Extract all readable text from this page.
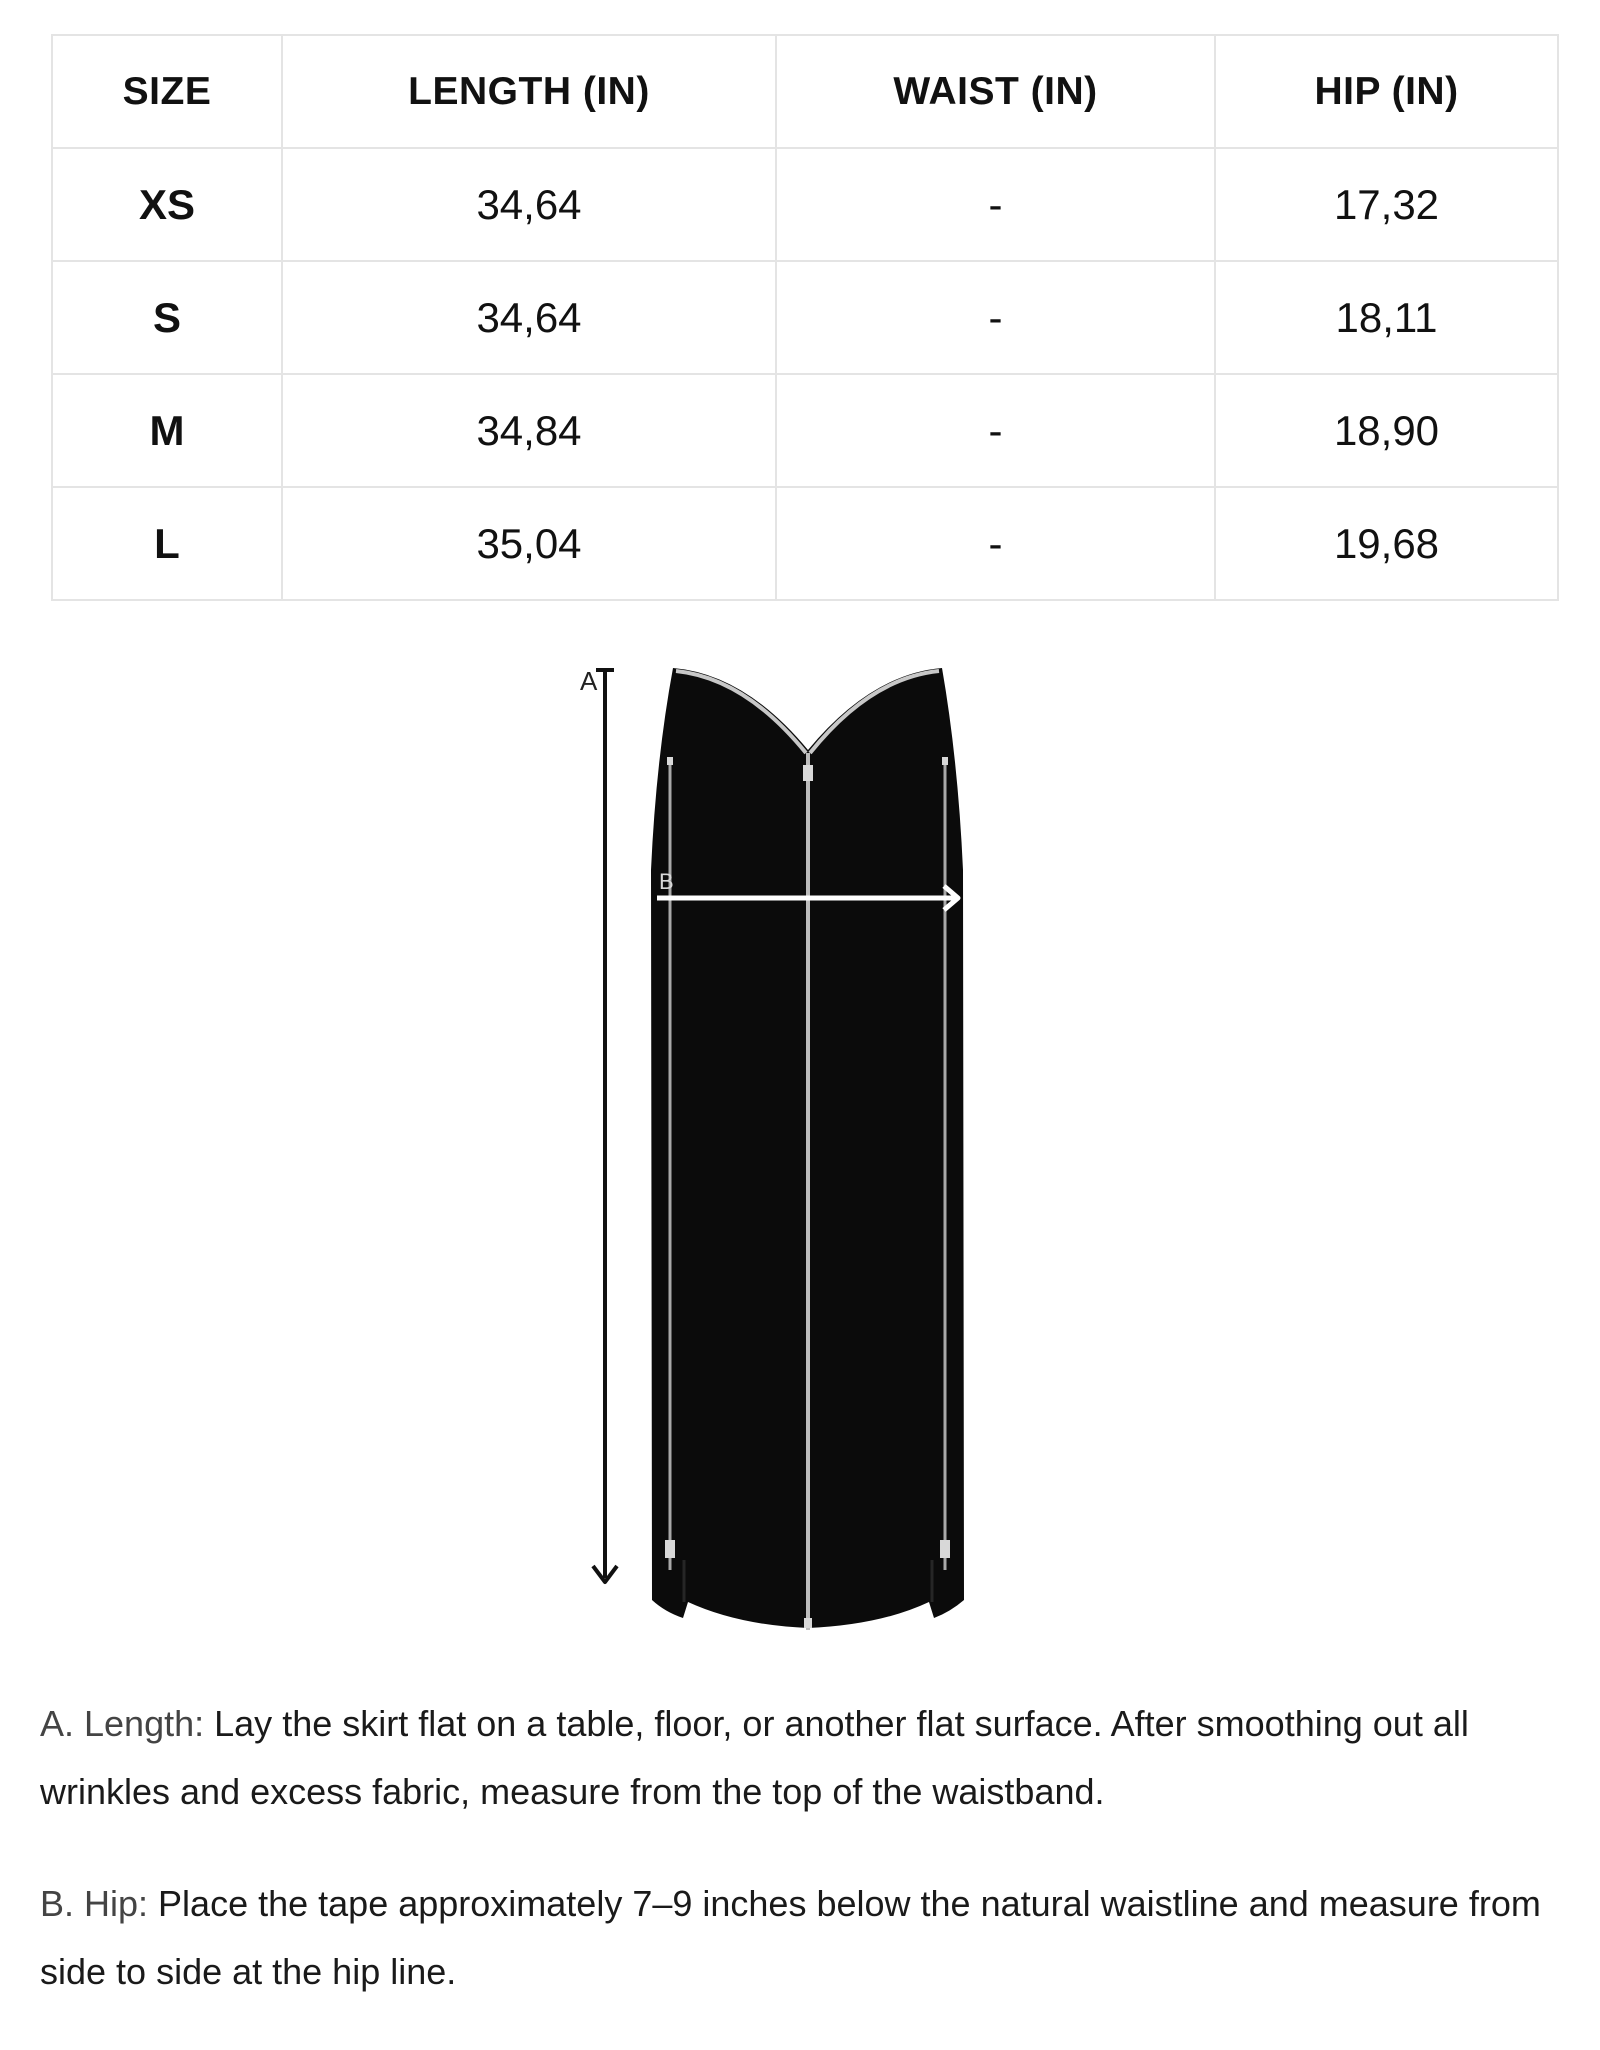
SIZE	LENGTH (IN)	WAIST (IN)	HIP (IN)
XS	34,64	-	17,32
S	34,64	-	18,11
M	34,84	-	18,90
L	35,04	-	19,68
A
B

A. Length: Lay the skirt flat on a table, floor, or another flat surface. After smoothing out all wrinkles and excess fabric, measure from the top of the waistband.

B. Hip: Place the tape approximately 7–9 inches below the natural waistline and measure from side to side at the hip line.
